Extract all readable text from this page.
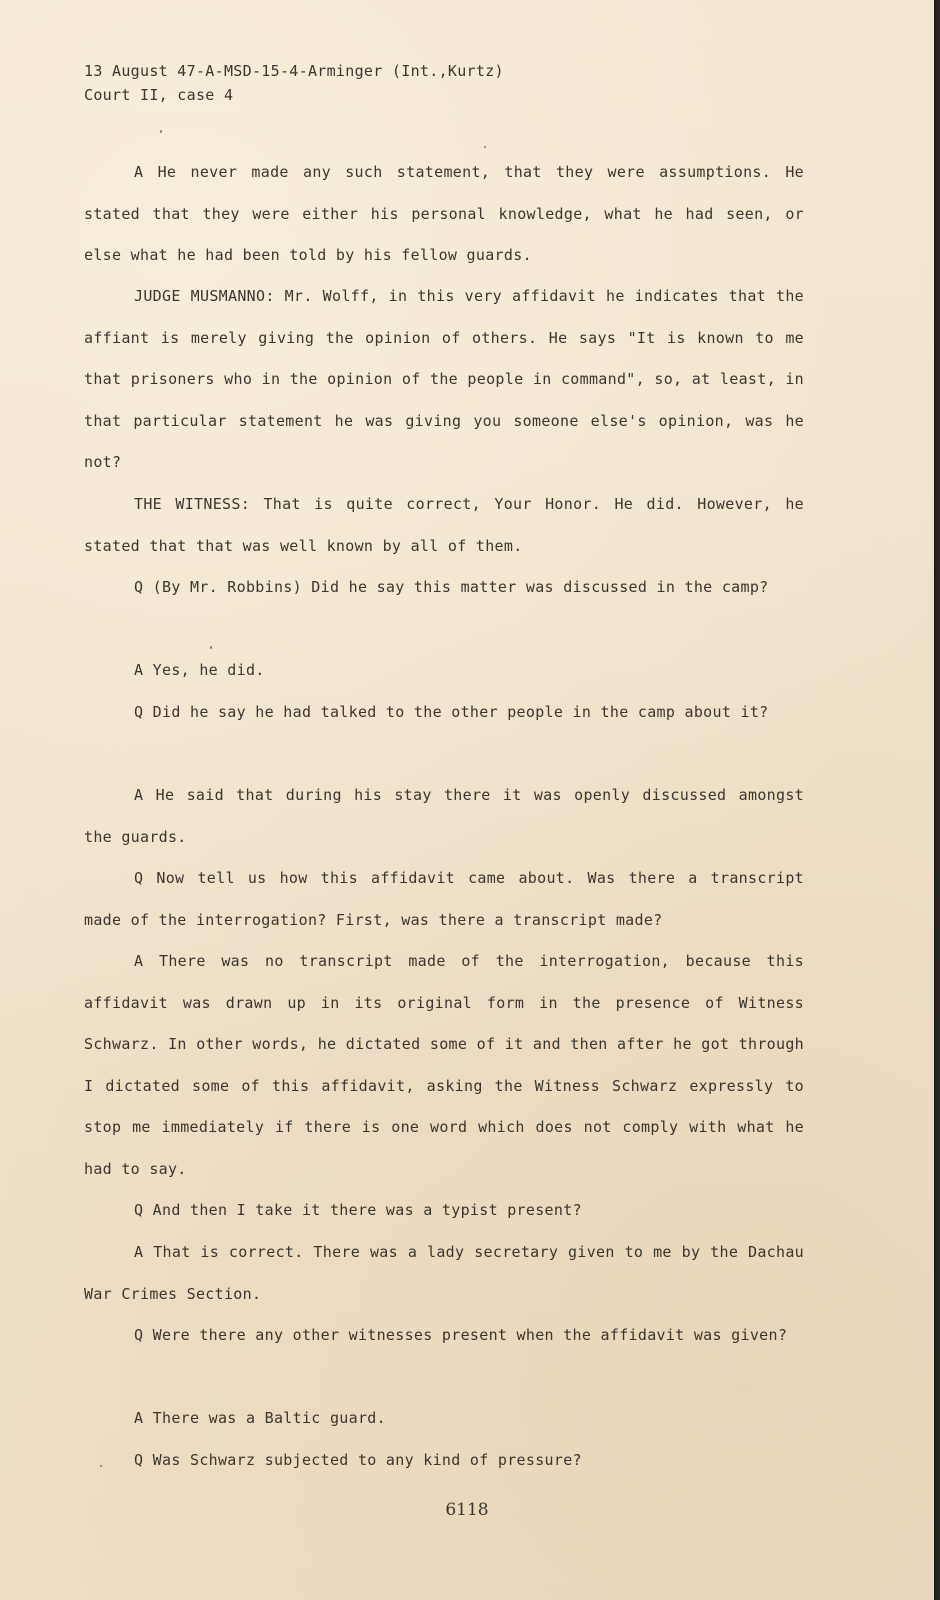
13 August 47-A-MSD-15-4-Arminger (Int.,Kurtz)
Court II, case 4

A He never made any such statement, that they were assumptions. He stated that they were either his personal knowledge, what he had seen, or else what he had been told by his fellow guards.

JUDGE MUSMANNO: Mr. Wolff, in this very affidavit he indicates that the affiant is merely giving the opinion of others. He says "It is known to me that prisoners who in the opinion of the people in command", so, at least, in that particular statement he was giving you someone else's opinion, was he not?

THE WITNESS: That is quite correct, Your Honor. He did. However, he stated that that was well known by all of them.

Q (By Mr. Robbins) Did he say this matter was discussed in the camp?

A Yes, he did.

Q Did he say he had talked to the other people in the camp about it?

A He said that during his stay there it was openly discussed amongst the guards.

Q Now tell us how this affidavit came about. Was there a transcript made of the interrogation? First, was there a transcript made?

A There was no transcript made of the interrogation, because this affidavit was drawn up in its original form in the presence of Witness Schwarz. In other words, he dictated some of it and then after he got through I dictated some of this affidavit, asking the Witness Schwarz expressly to stop me immediately if there is one word which does not comply with what he had to say.

Q And then I take it there was a typist present?

A That is correct. There was a lady secretary given to me by the Dachau War Crimes Section.

Q Were there any other witnesses present when the affidavit was given?

A There was a Baltic guard.

Q Was Schwarz subjected to any kind of pressure?

6118
